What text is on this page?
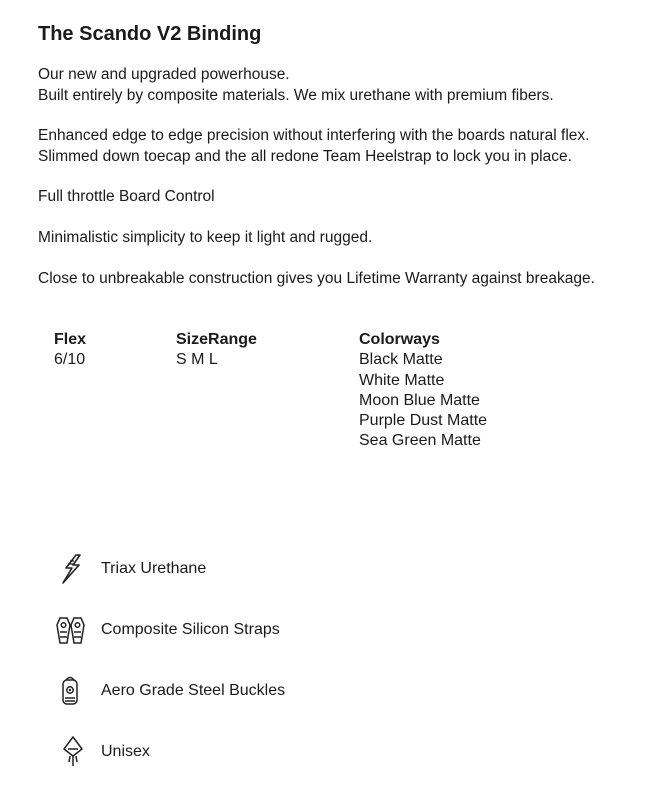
The Scando V2 Binding

Our new and upgraded powerhouse.
Built entirely by composite materials. We mix urethane with premium fibers.

Enhanced edge to edge precision without interfering with the boards natural flex.
Slimmed down toecap and the all redone Team Heelstrap to lock you in place.

Full throttle Board Control

Minimalistic simplicity to keep it light and rugged.

Close to unbreakable construction gives you Lifetime Warranty against breakage.

Flex
6/10
SizeRange
S M L
Colorways
Black Matte
White Matte
Moon Blue Matte
Purple Dust Matte
Sea Green Matte
Triax Urethane
Composite Silicon Straps
Aero Grade Steel Buckles
Unisex
